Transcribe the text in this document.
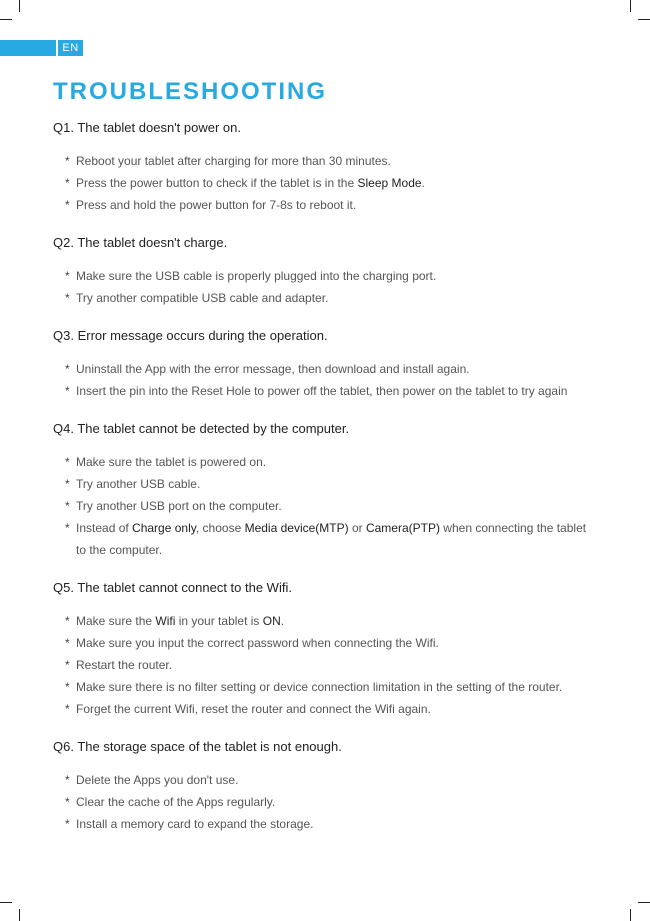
EN
TROUBLESHOOTING

Q1. The tablet doesn't power on.

* Reboot your tablet after charging for more than 30 minutes.
* Press the power button to check if the tablet is in the Sleep Mode.
* Press and hold the power button for 7-8s to reboot it.

Q2. The tablet doesn't charge.

* Make sure the USB cable is properly plugged into the charging port.
* Try another compatible USB cable and adapter.

Q3. Error message occurs during the operation.

* Uninstall the App with the error message, then download and install again.
* Insert the pin into the Reset Hole to power off the tablet, then power on the tablet to try again

Q4. The tablet cannot be detected by the computer.

* Make sure the tablet is powered on.
* Try another USB cable.
* Try another USB port on the computer.
* Instead of Charge only, choose Media device(MTP) or Camera(PTP) when connecting the tablet to the computer.

Q5. The tablet cannot connect to the Wifi.

* Make sure the Wifi in your tablet is ON.
* Make sure you input the correct password when connecting the Wifi.
* Restart the router.
* Make sure there is no filter setting or device connection limitation in the setting of the router.
* Forget the current Wifi, reset the router and connect the Wifi again.

Q6. The storage space of the tablet is not enough.

* Delete the Apps you don't use.
* Clear the cache of the Apps regularly.
* Install a memory card to expand the storage.
